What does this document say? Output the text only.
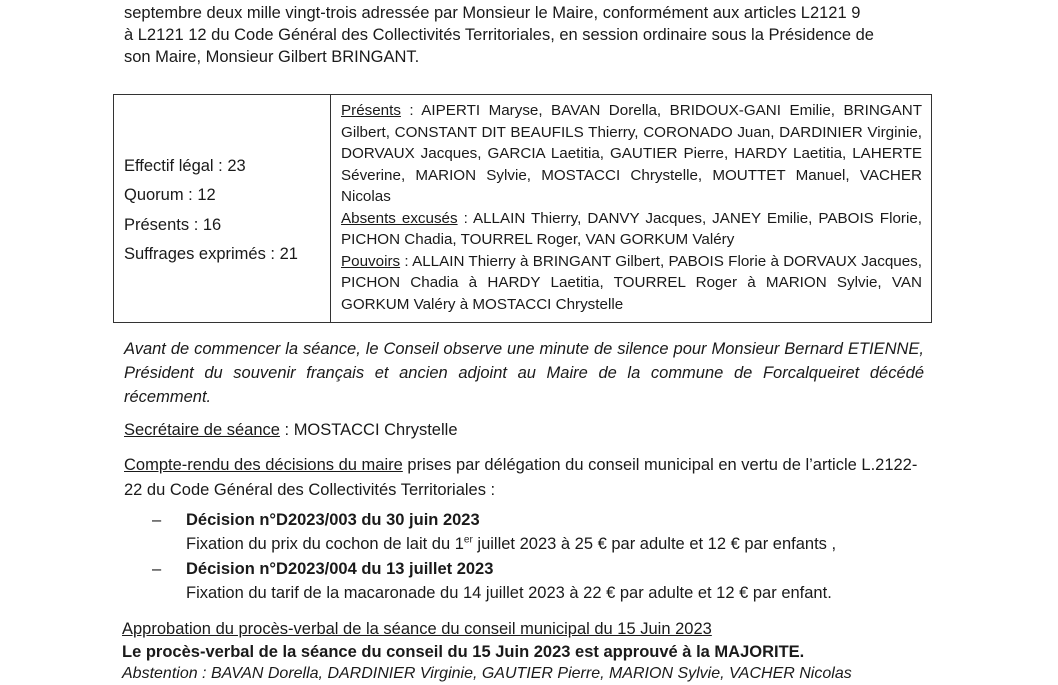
septembre deux mille vingt-trois adressée par Monsieur le Maire, conformément aux articles L2121 9

à L2121 12 du Code Général des Collectivités Territoriales, en session ordinaire sous la Présidence de

son Maire, Monsieur Gilbert BRINGANT.

Effectif légal : 23
Quorum : 12
Présents : 16
Suffrages exprimés : 21

Présents : AIPERTI Maryse, BAVAN Dorella, BRIDOUX-GANI Emilie, BRINGANT Gilbert, CONSTANT DIT BEAUFILS Thierry, CORONADO Juan, DARDINIER Virginie, DORVAUX Jacques, GARCIA Laetitia, GAUTIER Pierre, HARDY Laetitia, LAHERTE Séverine, MARION Sylvie, MOSTACCI Chrystelle, MOUTTET Manuel, VACHER Nicolas

Absents excusés : ALLAIN Thierry, DANVY Jacques, JANEY Emilie, PABOIS Florie, PICHON Chadia, TOURREL Roger, VAN GORKUM Valéry

Pouvoirs : ALLAIN Thierry à BRINGANT Gilbert, PABOIS Florie à DORVAUX Jacques, PICHON Chadia à HARDY Laetitia, TOURREL Roger à MARION Sylvie, VAN GORKUM Valéry à MOSTACCI Chrystelle

Avant de commencer la séance, le Conseil observe une minute de silence pour Monsieur Bernard ETIENNE, Président du souvenir français et ancien adjoint au Maire de la commune de Forcalqueiret décédé récemment.

Secrétaire de séance : MOSTACCI Chrystelle

Compte-rendu des décisions du maire prises par délégation du conseil municipal en vertu de l’article L.2122-22 du Code Général des Collectivités Territoriales :

– Décision n°D2023/003 du 30 juin 2023
Fixation du prix du cochon de lait du 1er juillet 2023 à 25 € par adulte et 12 € par enfants ,
– Décision n°D2023/004 du 13 juillet 2023
Fixation du tarif de la macaronade du 14 juillet 2023 à 22 € par adulte et 12 € par enfant.
Approbation du procès-verbal de la séance du conseil municipal du 15 Juin 2023
Le procès-verbal de la séance du conseil du 15 Juin 2023 est approuvé à la MAJORITE.
Abstention : BAVAN Dorella, DARDINIER Virginie, GAUTIER Pierre, MARION Sylvie, VACHER Nicolas
